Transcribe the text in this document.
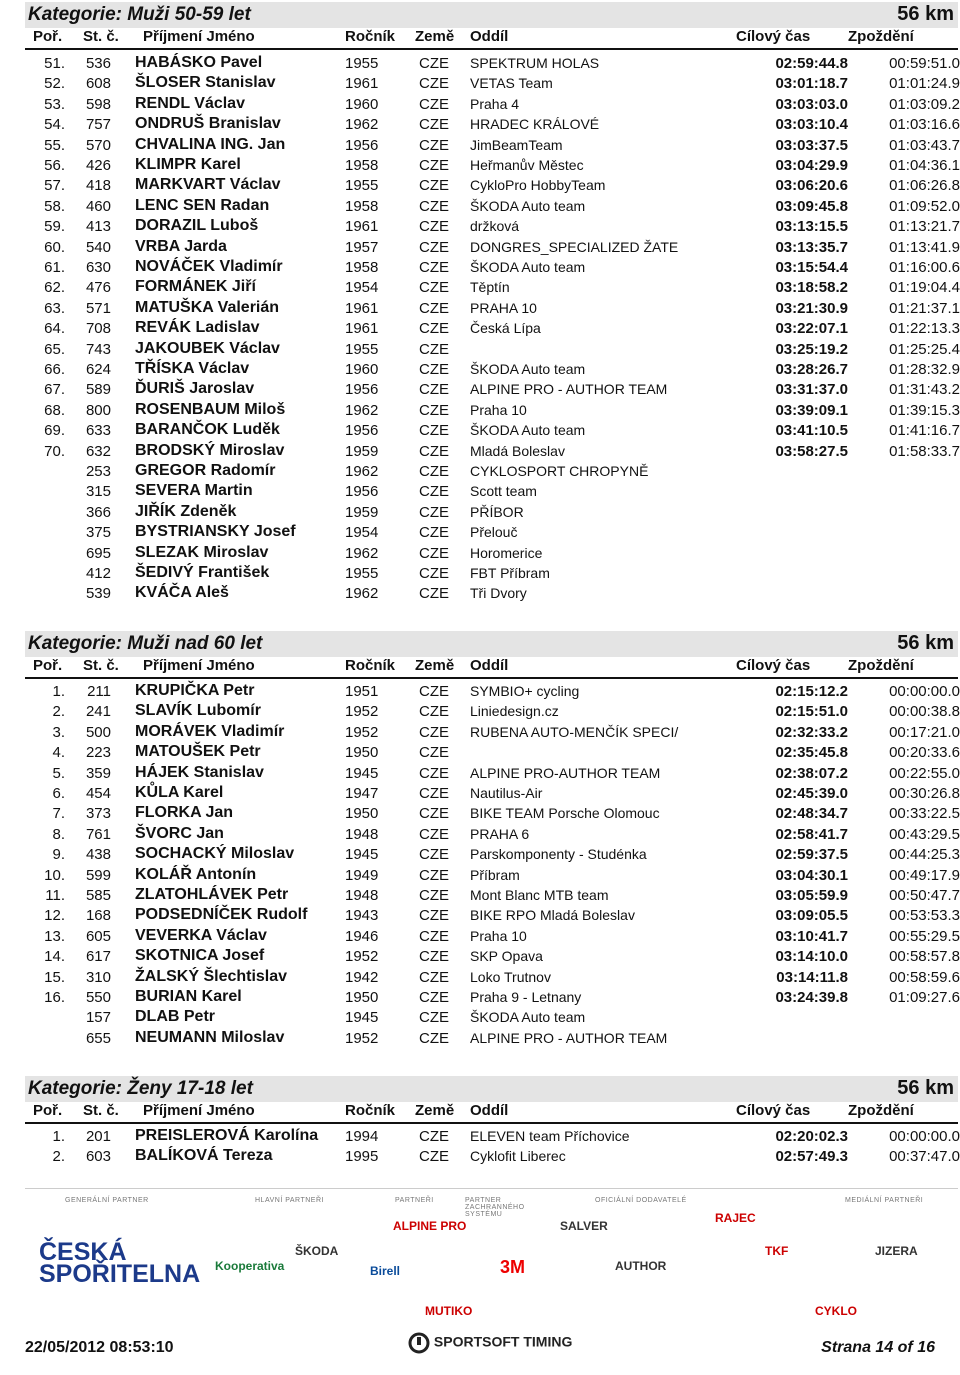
56 km
Kategorie: Muži 50-59 let
Poř. St. č. Příjmení Jméno	Ročník Země Oddíl	Cílový čas	Zpoždění
51.	536 HABÁSKO Pavel	1955	CZE SPEKTRUM HOLAS	02:59:44.8	00:59:51.0
52.	608 ŠLOSER Stanislav	1961	CZE VETAS Team	03:01:18.7	01:01:24.9
53.	598 RENDL Václav	1960	CZE Praha 4	03:03:03.0	01:03:09.2
54.	757 ONDRUŠ Branislav	1962	CZE HRADEC KRÁLOVÉ	03:03:10.4	01:03:16.6
55.	570 CHVALINA ING. Jan	1956	CZE JimBeamTeam	03:03:37.5	01:03:43.7
56.	426 KLIMPR Karel	1958	CZE Heřmanův Městec	03:04:29.9	01:04:36.1
57.	418 MARKVART Václav	1955	CZE CykloPro HobbyTeam	03:06:20.6	01:06:26.8
58.	460 LENC SEN Radan	1958	CZE ŠKODA Auto team	03:09:45.8	01:09:52.0
59.	413 DORAZIL Luboš	1961	CZE držková	03:13:15.5	01:13:21.7
60.	540 VRBA Jarda	1957	CZE DONGRES_SPECIALIZED ŽATE	03:13:35.7	01:13:41.9
61.	630 NOVÁČEK Vladimír	1958	CZE ŠKODA Auto team	03:15:54.4	01:16:00.6
62.	476 FORMÁNEK Jiří	1954	CZE Těptín	03:18:58.2	01:19:04.4
63.	571 MATUŠKA Valerián	1961	CZE PRAHA 10	03:21:30.9	01:21:37.1
64.	708 REVÁK Ladislav	1961	CZE Česká Lípa	03:22:07.1	01:22:13.3
65.	743 JAKOUBEK Václav	1955	CZE	03:25:19.2	01:25:25.4
66.	624 TŘÍSKA Václav	1960	CZE ŠKODA Auto team	03:28:26.7	01:28:32.9
67.	589 ĎURIŠ Jaroslav	1956	CZE ALPINE PRO - AUTHOR TEAM	03:31:37.0	01:31:43.2
68.	800 ROSENBAUM Miloš	1962	CZE Praha 10	03:39:09.1	01:39:15.3
69.	633 BARANČOK Luděk	1956	CZE ŠKODA Auto team	03:41:10.5	01:41:16.7
70.	632 BRODSKÝ Miroslav	1959	CZE Mladá Boleslav	03:58:27.5	01:58:33.7
253 GREGOR Radomír	1962	CZE CYKLOSPORT CHROPYNĚ
315 SEVERA Martin	1956	CZE Scott team
366 JIŘÍK Zdeněk	1959	CZE PŘÍBOR
375 BYSTRIANSKY Josef	1954	CZE Přelouč
695 SLEZAK Miroslav	1962	CZE Horomerice
412 ŠEDIVÝ František	1955	CZE FBT Příbram
539 KVÁČA Aleš	1962	CZE Tři Dvory
56 km
Kategorie: Muži nad 60 let
Poř. St. č. Příjmení Jméno	Ročník Země Oddíl	Cílový čas	Zpoždění
1.	211 KRUPIČKA Petr	1951	CZE SYMBIO+ cycling	02:15:12.2	00:00:00.0
2.	241 SLAVÍK Lubomír	1952	CZE Liniedesign.cz	02:15:51.0	00:00:38.8
3.	500 MORÁVEK Vladimír	1952	CZE RUBENA AUTO-MENČÍK SPECI/	02:32:33.2	00:17:21.0
4.	223 MATOUŠEK Petr	1950	CZE	02:35:45.8	00:20:33.6
5.	359 HÁJEK Stanislav	1945	CZE ALPINE PRO-AUTHOR TEAM	02:38:07.2	00:22:55.0
6.	454 KŮLA Karel	1947	CZE Nautilus-Air	02:45:39.0	00:30:26.8
7.	373 FLORKA Jan	1950	CZE BIKE TEAM Porsche Olomouc	02:48:34.7	00:33:22.5
8.	761 ŠVORC Jan	1948	CZE PRAHA 6	02:58:41.7	00:43:29.5
9.	438 SOCHACKÝ Miloslav	1945	CZE Parskomponenty - Studénka	02:59:37.5	00:44:25.3
10.	599 KOLÁŘ Antonín	1949	CZE Příbram	03:04:30.1	00:49:17.9
11.	585 ZLATOHLÁVEK Petr	1948	CZE Mont Blanc MTB team	03:05:59.9	00:50:47.7
12.	168 PODSEDNÍČEK Rudolf	1943	CZE BIKE RPO Mladá Boleslav	03:09:05.5	00:53:53.3
13.	605 VEVERKA Václav	1946	CZE Praha 10	03:10:41.7	00:55:29.5
14.	617 SKOTNICA Josef	1952	CZE SKP Opava	03:14:10.0	00:58:57.8
15.	310 ŽALSKÝ Šlechtislav	1942	CZE Loko Trutnov	03:14:11.8	00:58:59.6
16.	550 BURIAN Karel	1950	CZE Praha 9 - Letnany	03:24:39.8	01:09:27.6
157 DLAB Petr	1945	CZE ŠKODA Auto team
655 NEUMANN Miloslav	1952	CZE ALPINE PRO - AUTHOR TEAM
56 km
Kategorie: Ženy 17-18 let
Poř. St. č. Příjmení Jméno	Ročník Země Oddíl	Cílový čas	Zpoždění
1.	201 PREISLEROVÁ Karolína 1994	CZE ELEVEN team Příchovice	02:20:02.3	00:00:00.0
2.	603 BALÍKOVÁ Tereza	1995	CZE Cyklofit Liberec	02:57:49.3	00:37:47.0
GENERÁLNÍ PARTNER	HLAVNÍ PARTNEŘI	PARTNEŘI	PARTNER ZACHRANNÉHO SYSTÉMU
OFICIÁLNÍ DODAVATELÉ	MEDIÁLNÍ PARTNEŘI
ČESKÁ SPOŘITELNA Kooperativa
ŠKODA
ALPINE PRO	SALVER
Birell	3M
RAJEC
TKF
AUTHOR
MUTIKO
JIZERA
CYKLO
22/05/2012 08:53:10	SPORTSOFT TIMING	Strana 14 of 16
